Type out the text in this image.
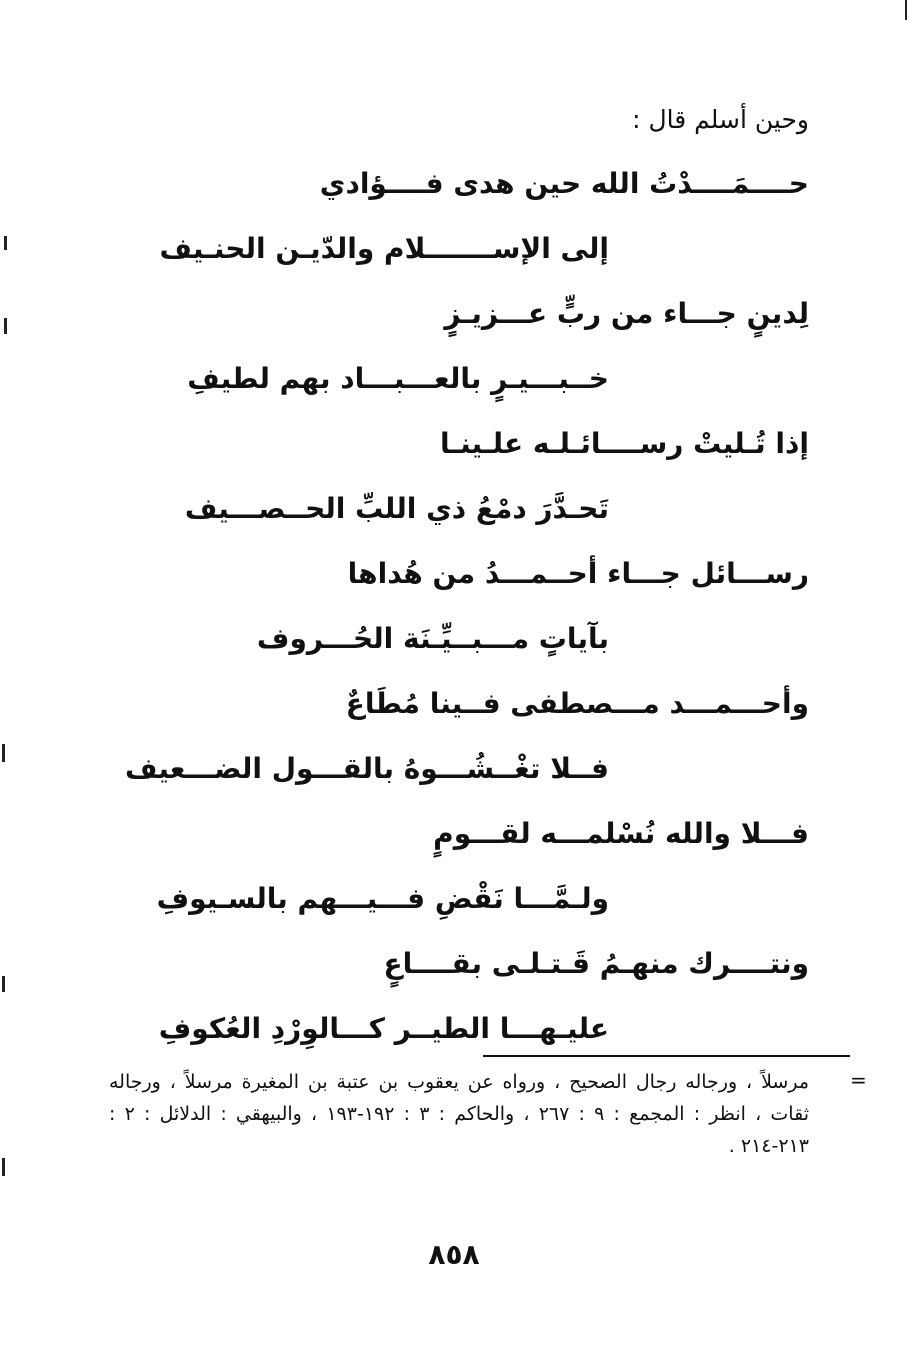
وحين أسلم قال :
حــــمَــــدْتُ الله حين هدى فــــؤادي
إلى الإســـــــلام والدّيـن الحنـيف
لِدينٍ جـــاء من ربٍّ عـــزيـزٍ
خــبـــيـرٍ بالعـــبـــاد بهم لطيفِ
إذا تُـليتْ رســــائـلـه علـينـا
تَحـدَّرَ دمْعُ ذي اللبِّ الحــصـــيف
رســـائل جـــاء أحــمـــدُ من هُداها
بآياتٍ مـــبــيِّـنَة الحُـــروف
وأحـــمـــد مـــصطفى فــينا مُطَاعٌ
فــلا تغْــشُـــوهُ بالقـــول الضـــعيف
فـــلا والله نُسْلمـــه لقـــومٍ
ولـمَّـــا نَقْضِ فـــيـــهم بالسـيوفِ
ونتــــرك منهـمُ قَـتـلـى بقــــاعٍ
عليـهـــا الطيــر كـــالوِرْدِ العُكوفِ
=
مرسلاً ، ورجاله رجال الصحيح ، ورواه عن يعقوب بن عتبة بن المغيرة مرسلاً ، ورجاله ثقات ، انظر : المجمع : ٩ : ٢٦٧ ، والحاكم : ٣ : ١٩٢-١٩٣ ، والبيهقي : الدلائل : ٢ : ٢١٣-٢١٤ .
٨٥٨
